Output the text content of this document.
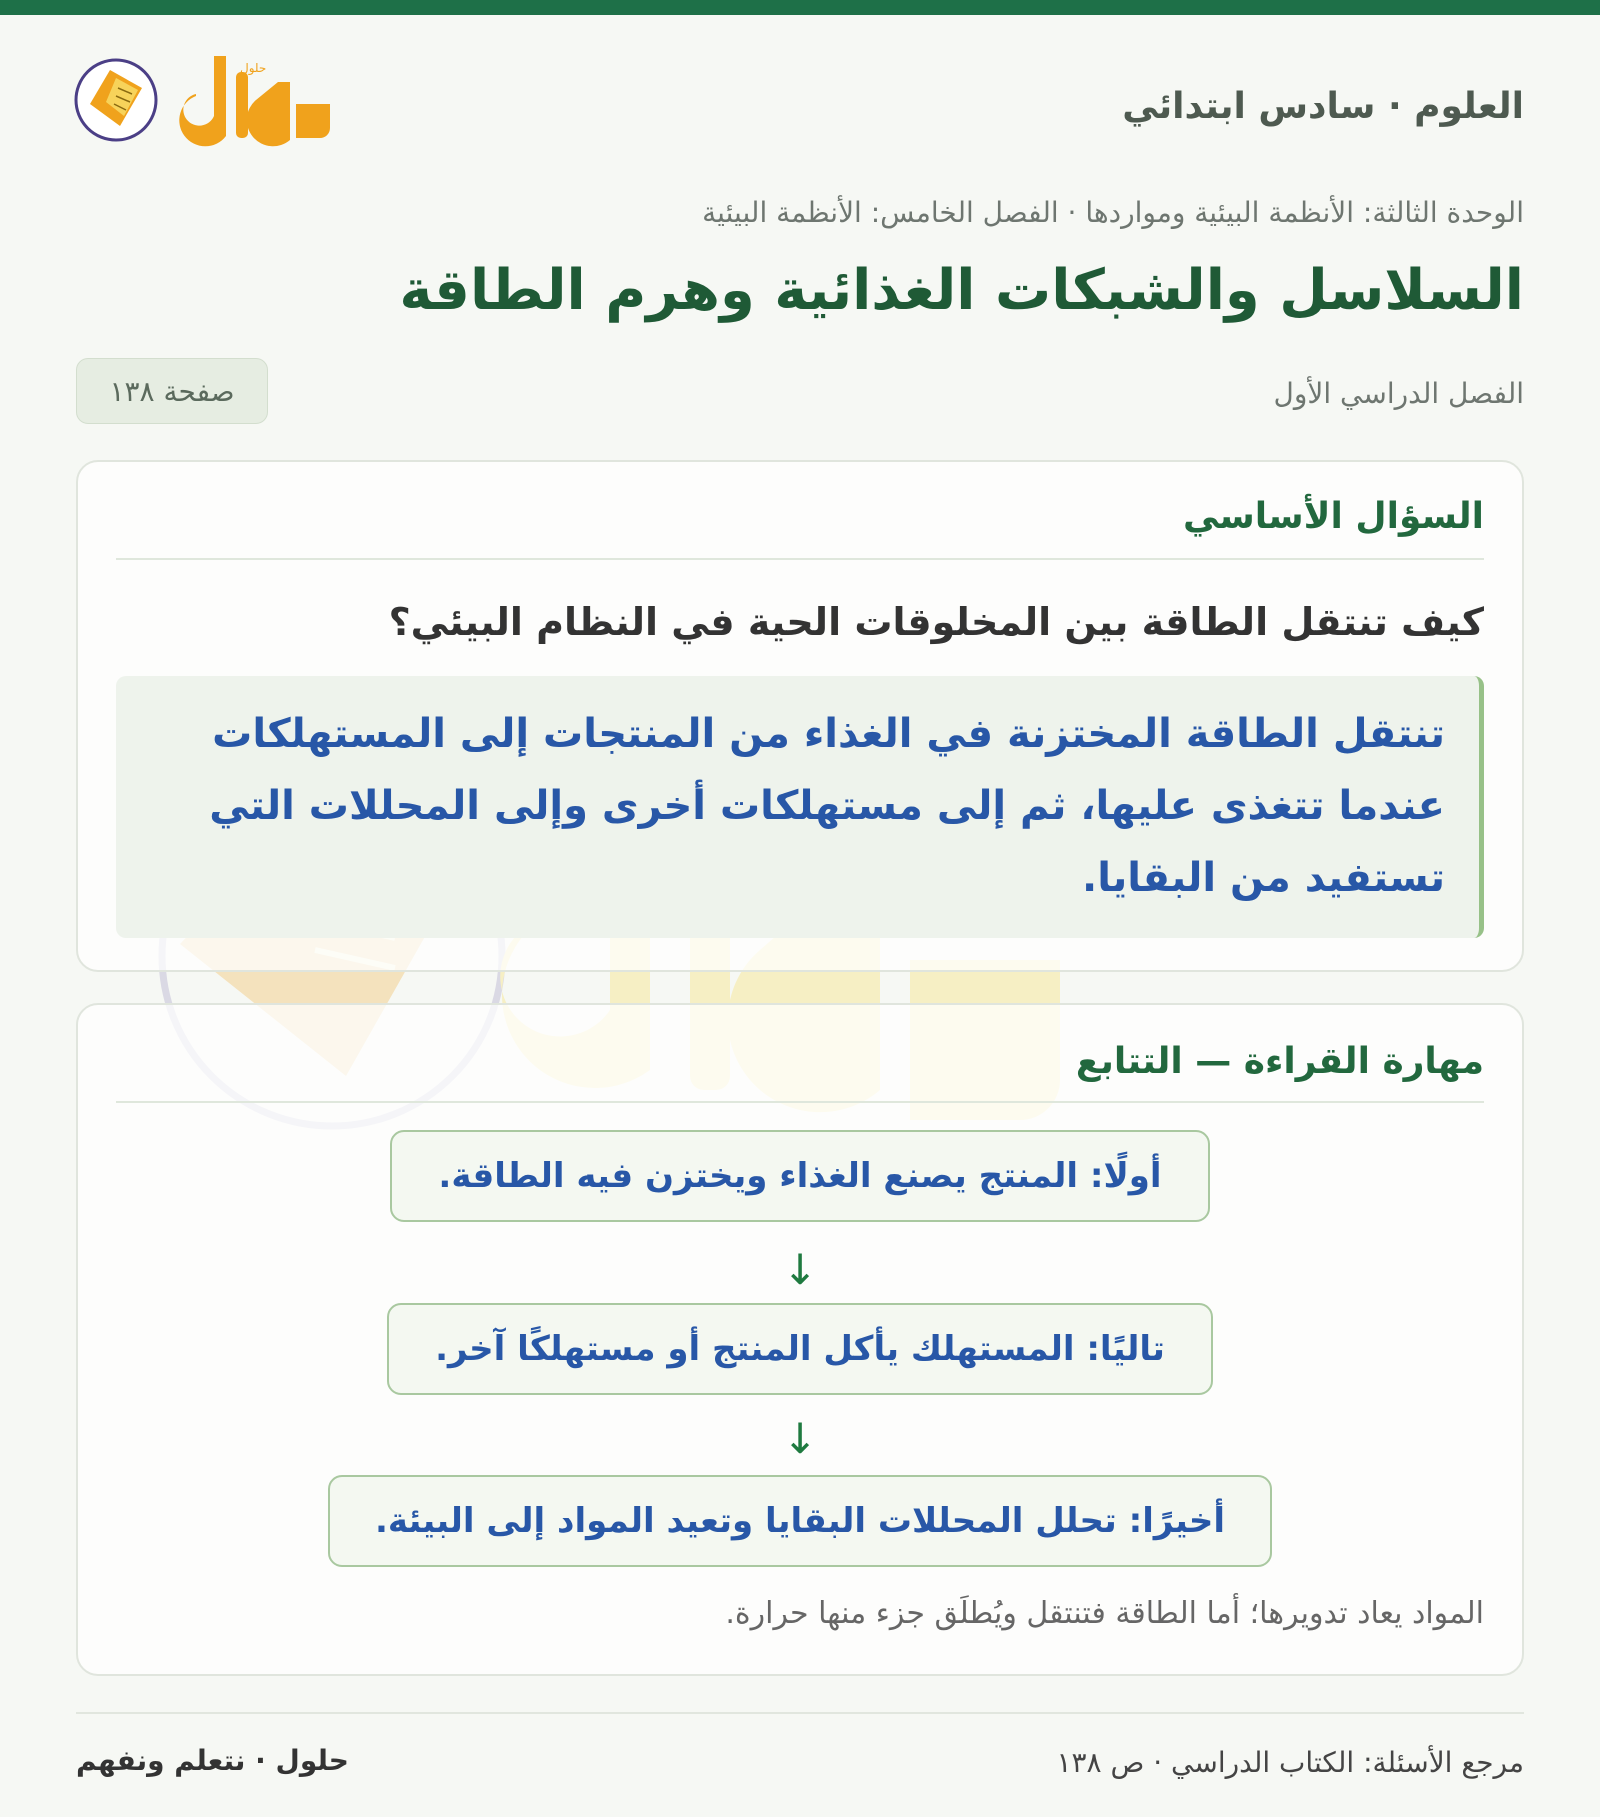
حلول
العلوم · سادس ابتدائي
الوحدة الثالثة: الأنظمة البيئية ومواردها · الفصل الخامس: الأنظمة البيئية
السلاسل والشبكات الغذائية وهرم الطاقة
الفصل الدراسي الأول
صفحة ١٣٨
السؤال الأساسي
كيف تنتقل الطاقة بين المخلوقات الحية في النظام البيئي؟
تنتقل الطاقة المختزنة في الغذاء من المنتجات إلى المستهلكات
عندما تتغذى عليها، ثم إلى مستهلكات أخرى وإلى المحللات التي
تستفيد من البقايا.
مهارة القراءة — التتابع
أولًا: المنتج يصنع الغذاء ويختزن فيه الطاقة.
↓
تاليًا: المستهلك يأكل المنتج أو مستهلكًا آخر.
↓
أخيرًا: تحلل المحللات البقايا وتعيد المواد إلى البيئة.
المواد يعاد تدويرها؛ أما الطاقة فتنتقل ويُطلَق جزء منها حرارة.
مرجع الأسئلة: الكتاب الدراسي · ص ١٣٨
حلول · نتعلم ونفهم
